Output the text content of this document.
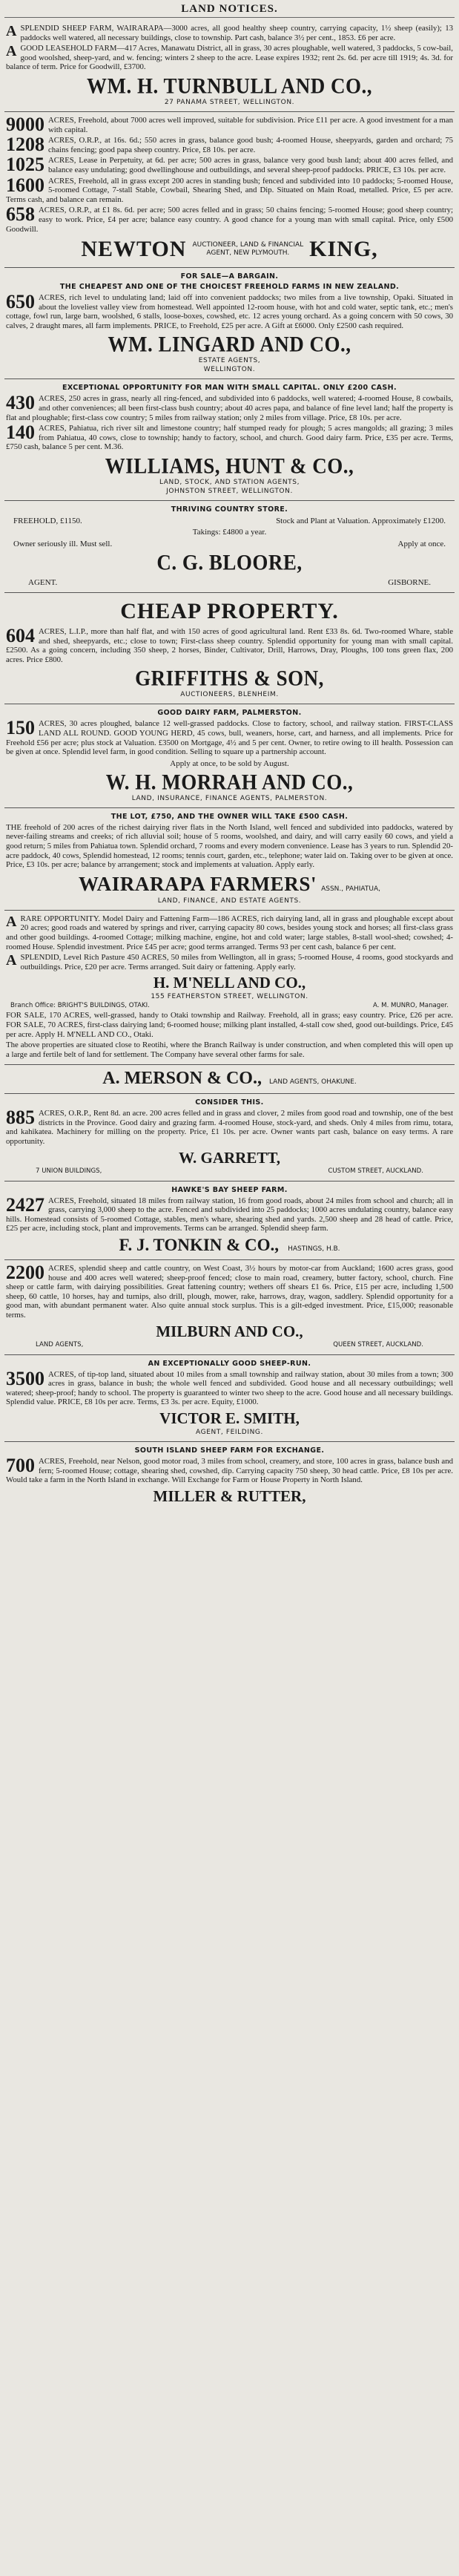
LAND NOTICES.
A SPLENDID SHEEP FARM, WAIRARAPA—3000 acres, all good healthy sheep country, carrying capacity, 1½ sheep (easily); 13 paddocks well watered, all necessary buildings, close to township. Part cash, balance 3½ per cent., 1853. £6 per acre.
A GOOD LEASEHOLD FARM—417 Acres, Manawatu District, all in grass, 30 acres ploughable, well watered, 3 paddocks, 5 cow-bail, good woolshed, sheep-yard, and w. fencing; winters 2 sheep to the acre. Lease expires 1932; rent 2s. 6d. per acre till 1919; 4s. 3d. for balance of term. Price for Goodwill, £3700.
WM. H. TURNBULL AND CO.,
27 PANAMA STREET, WELLINGTON.
9000 ACRES, Freehold, about 7000 acres well improved, suitable for subdivision. Price £11 per acre. A good investment for a man with capital.
1208 ACRES, O.R.P., at 16s. 6d.; 550 acres in grass, balance good bush; 4-roomed House, sheepyards, garden and orchard; 75 chains fencing; good papa sheep country. Price, £8 10s. per acre.
1025 ACRES, Lease in Perpetuity, at 6d. per acre; 500 acres in grass, balance very good bush land; about 400 acres felled, and balance easy undulating; good dwellinghouse and outbuildings, and several sheep-proof paddocks. PRICE, £3 10s. per acre.
1600 ACRES, Freehold, all in grass except 200 acres in standing bush; fenced and subdivided into 10 paddocks; 5-roomed House, 5-roomed Cottage, 7-stall Stable, Cowbail, Shearing Shed, and Dip. Situated on Main Road, metalled. Price, £5 per acre. Terms cash, and balance can remain.
658 ACRES, O.R.P., at £1 8s. 6d. per acre; 500 acres felled and in grass; 50 chains fencing; 5-roomed House; good sheep country; easy to work. Price, £4 per acre; balance easy country. A good chance for a young man with small capital. Price, only £500 Goodwill.
NEWTON AUCTIONEER, LAND & FINANCIAL
AGENT, NEW PLYMOUTH. KING,
FOR SALE—A BARGAIN.
THE CHEAPEST AND ONE OF THE CHOICEST FREEHOLD FARMS IN NEW ZEALAND.
650 ACRES, rich level to undulating land; laid off into convenient paddocks; two miles from a live township, Opaki. Situated in about the loveliest valley view from homestead. Well appointed 12-room house, with hot and cold water, septic tank, etc.; men's cottage, fowl run, large barn, woolshed, 6 stalls, loose-boxes, cowshed, etc. 12 acres young orchard. As a going concern with 50 cows, 30 calves, 2 draught mares, all farm implements. PRICE, to Freehold, £25 per acre. A Gift at £6000. Only £2500 cash required.
WM. LINGARD AND CO.,
ESTATE AGENTS,
WELLINGTON.
EXCEPTIONAL OPPORTUNITY FOR MAN WITH SMALL CAPITAL. ONLY £200 CASH.
430 ACRES, 250 acres in grass, nearly all ring-fenced, and subdivided into 6 paddocks, well watered; 4-roomed House, 8 cowbails, and other conveniences; all been first-class bush country; about 40 acres papa, and balance of fine level land; half the property is flat and ploughable; first-class cow country; 5 miles from railway station; only 2 miles from village. Price, £8 10s. per acre.
140 ACRES, Pahiatua, rich river silt and limestone country; half stumped ready for plough; 5 acres mangolds; all grazing; 3 miles from Pahiatua, 40 cows, close to township; handy to factory, school, and church. Good dairy farm. Price, £35 per acre. Terms, £750 cash, balance 5 per cent. M.36.
WILLIAMS, HUNT & CO.,
LAND, STOCK, AND STATION AGENTS,
JOHNSTON STREET, WELLINGTON.
THRIVING COUNTRY STORE.
FREEHOLD, £1150.	Stock and Plant at Valuation. Approximately £1200.
Takings: £4800 a year.
Owner seriously ill. Must sell.	Apply at once.
C. G. BLOORE,
AGENT.	GISBORNE.
CHEAP PROPERTY.
604 ACRES, L.I.P., more than half flat, and with 150 acres of good agricultural land. Rent £33 8s. 6d. Two-roomed Whare, stable and shed, sheepyards, etc.; close to town; First-class sheep country. Splendid opportunity for young man with small capital. £2500. As a going concern, including 350 sheep, 2 horses, Binder, Cultivator, Drill, Harrows, Dray, Ploughs, 100 tons green flax, 200 acres. Price £800.
GRIFFITHS & SON,
AUCTIONEERS, BLENHEIM.
GOOD DAIRY FARM, PALMERSTON.
150 ACRES, 30 acres ploughed, balance 12 well-grassed paddocks. Close to factory, school, and railway station. FIRST-CLASS LAND ALL ROUND. GOOD YOUNG HERD, 45 cows, bull, weaners, horse, cart, and harness, and all implements. Price for Freehold £56 per acre; plus stock at Valuation. £3500 on Mortgage, 4½ and 5 per cent. Owner, to retire owing to ill health. Possession can be given at once. Splendid level farm, in good condition. Selling to square up a partnership account.
Apply at once, to be sold by August.
W. H. MORRAH AND CO.,
LAND, INSURANCE, FINANCE AGENTS, PALMERSTON.
THE LOT, £750, AND THE OWNER WILL TAKE £500 CASH.
THE freehold of 200 acres of the richest dairying river flats in the North Island, well fenced and subdivided into paddocks, watered by never-failing streams and creeks; of rich alluvial soil; house of 5 rooms, woolshed, and dairy, and will carry easily 60 cows, and yield a good return; 5 miles from Pahiatua town. Splendid orchard, 7 rooms and every modern convenience. Lease has 3 years to run. Splendid 20-acre paddock, 40 cows, Splendid homestead, 12 rooms; tennis court, garden, etc., telephone; water laid on. Taking over to be given at once. Price, £3 10s. per acre; balance by arrangement; stock and implements at valuation. Apply early.
WAIRARAPA FARMERS' ASSN., PAHIATUA,
LAND, FINANCE, AND ESTATE AGENTS.
A RARE OPPORTUNITY. Model Dairy and Fattening Farm—186 ACRES, rich dairying land, all in grass and ploughable except about 20 acres; good roads and watered by springs and river, carrying capacity 80 cows, besides young stock and horses; all first-class grass and other good buildings. 4-roomed Cottage; milking machine, engine, hot and cold water; large stables, 8-stall wool-shed; cowshed; 4-roomed House. Splendid investment. Price £45 per acre; good terms arranged. Terms 93 per cent cash, balance 6 per cent.
A SPLENDID, Level Rich Pasture 450 ACRES, 50 miles from Wellington, all in grass; 5-roomed House, 4 rooms, good stockyards and outbuildings. Price, £20 per acre. Terms arranged. Suit dairy or fattening. Apply early.
H. M'NELL AND CO.,
155 FEATHERSTON STREET, WELLINGTON.
Branch Office: BRIGHT'S BUILDINGS, OTAKI.	A. M. MUNRO, Manager.
FOR SALE, 170 ACRES, well-grassed, handy to Otaki township and Railway. Freehold, all in grass; easy country. Price, £26 per acre. FOR SALE, 70 ACRES, first-class dairying land; 6-roomed house; milking plant installed, 4-stall cow shed, good out-buildings. Price, £45 per acre. Apply H. M'NELL AND CO., Otaki.
The above properties are situated close to Reotihi, where the Branch Railway is under construction, and when completed this will open up a large and fertile belt of land for settlement. The Company have several other farms for sale.
A. MERSON & CO., LAND AGENTS, OHAKUNE.
CONSIDER THIS.
885 ACRES, O.R.P., Rent 8d. an acre. 200 acres felled and in grass and clover, 2 miles from good road and township, one of the best districts in the Province. Good dairy and grazing farm. 4-roomed House, stock-yard, and sheds. Only 4 miles from rimu, totara, and kahikatea. Machinery for milling on the property. Price, £1 10s. per acre. Owner wants part cash, balance on easy terms. A rare opportunity.
W. GARRETT,
7 UNION BUILDINGS,	CUSTOM STREET, AUCKLAND.
HAWKE'S BAY SHEEP FARM.
2427 ACRES, Freehold, situated 18 miles from railway station, 16 from good roads, about 24 miles from school and church; all in grass, carrying 3,000 sheep to the acre. Fenced and subdivided into 25 paddocks; 1000 acres undulating country, balance easy hills. Homestead consists of 5-roomed Cottage, stables, men's whare, shearing shed and yards. 2,500 sheep and 28 head of cattle. Price, £25 per acre, including stock, plant and improvements. Terms can be arranged. Splendid sheep farm.
F. J. TONKIN & CO., HASTINGS, H.B.
2200 ACRES, splendid sheep and cattle country, on West Coast, 3½ hours by motor-car from Auckland; 1600 acres grass, good house and 400 acres well watered; sheep-proof fenced; close to main road, creamery, butter factory, school, church. Fine sheep or cattle farm, with dairying possibilities. Great fattening country; wethers off shears £1 6s. Price, £15 per acre, including 1,500 sheep, 60 cattle, 10 horses, hay and turnips, also drill, plough, mower, rake, harrows, dray, wagon, saddlery. Splendid opportunity for a good man, with abundant permanent water. Also quite annual stock surplus. This is a gilt-edged investment. Price, £15,000; reasonable terms.
MILBURN AND CO.,
LAND AGENTS,	QUEEN STREET, AUCKLAND.
AN EXCEPTIONALLY GOOD SHEEP-RUN.
3500 ACRES, of tip-top land, situated about 10 miles from a small township and railway station, about 30 miles from a town; 300 acres in grass, balance in bush; the whole well fenced and subdivided. Good house and all necessary outbuildings; well watered; sheep-proof; handy to school. The property is guaranteed to winter two sheep to the acre. Good house and all necessary buildings. Splendid value. PRICE, £8 10s per acre. Terms, £3 3s. per acre. Equity, £1000.
VICTOR E. SMITH,
AGENT, FEILDING.
SOUTH ISLAND SHEEP FARM FOR EXCHANGE.
700 ACRES, Freehold, near Nelson, good motor road, 3 miles from school, creamery, and store, 100 acres in grass, balance bush and fern; 5-roomed House; cottage, shearing shed, cowshed, dip. Carrying capacity 750 sheep, 30 head cattle. Price, £8 10s per acre. Would take a farm in the North Island in exchange. Will Exchange for Farm or House Property in North Island.
MILLER & RUTTER,
